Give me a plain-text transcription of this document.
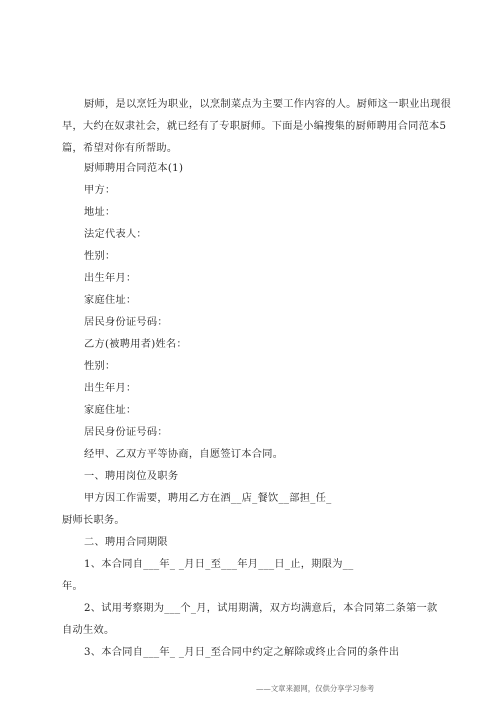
厨师，是以烹饪为职业，以烹制菜点为主要工作内容的人。厨师这一职业出现很早，大约在奴隶社会，就已经有了专职厨师。下面是小编搜集的厨师聘用合同范本5篇，希望对你有所帮助。
厨师聘用合同范本(1)
甲方：
地址：
法定代表人：
性别：
出生年月：
家庭住址：
居民身份证号码：
乙方(被聘用者)姓名：
性别：
出生年月：
家庭住址：
居民身份证号码：
经甲、乙双方平等协商，自愿签订本合同。
一、聘用岗位及职务
甲方因工作需要，聘用乙方在酒__店_餐饮__部担_任_
厨师长职务。
二、聘用合同期限
1、本合同自___年_ _月日_至___年月___日_止，期限为__
年。
2、试用考察期为___个_月，试用期满，双方均满意后，本合同第二条第一款
自动生效。
3、本合同自___年_ _月日_至合同中约定之解除或终止合同的条件出
——文章来源网，仅供分享学习参考
